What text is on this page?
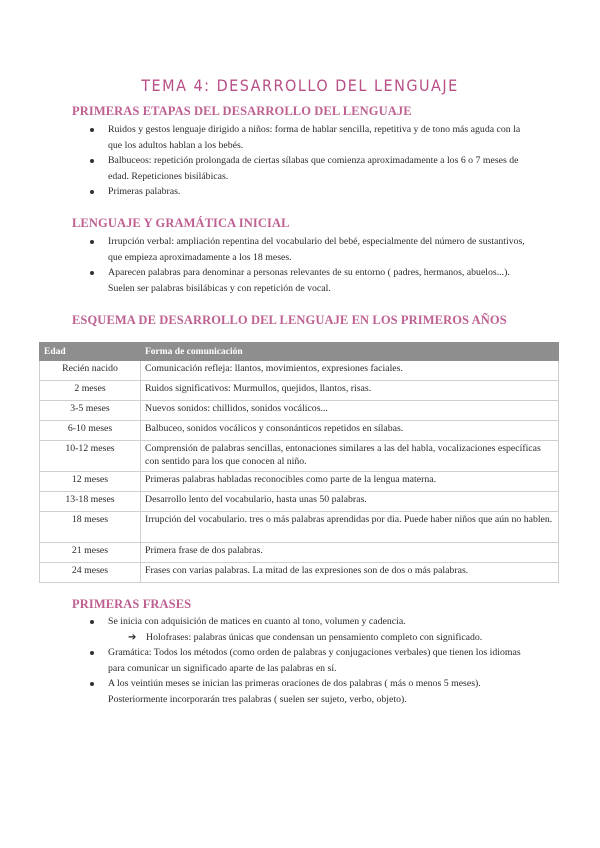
TEMA 4: DESARROLLO DEL LENGUAJE
PRIMERAS ETAPAS DEL DESARROLLO DEL LENGUAJE
Ruidos y gestos lenguaje dirigido a niños: forma de hablar sencilla, repetitiva y de tono más aguda con la que los adultos hablan a los bebés.
Balbuceos: repetición prolongada de ciertas sílabas que comienza aproximadamente a los 6 o 7 meses de edad. Repeticiones bisilábicas.
Primeras palabras.
LENGUAJE Y GRAMÁTICA INICIAL
Irrupción verbal: ampliación repentina del vocabulario del bebé, especialmente del número de sustantivos, que empieza aproximadamente a los 18 meses.
Aparecen palabras para denominar a personas relevantes de su entorno ( padres, hermanos, abuelos...). Suelen ser palabras bisilábicas y con repetición de vocal.
ESQUEMA DE DESARROLLO DEL LENGUAJE EN LOS PRIMEROS AÑOS
Edad	Forma de comunicación
Recién nacido	Comunicación refleja: llantos, movimientos, expresiones faciales.
2 meses	Ruidos significativos: Murmullos, quejidos, llantos, risas.
3-5 meses	Nuevos sonidos: chillidos, sonidos vocálicos...
6-10 meses	Balbuceo, sonidos vocálicos y consonánticos repetidos en sílabas.
10-12 meses	Comprensión de palabras sencillas, entonaciones similares a las del habla, vocalizaciones específicas con sentido para los que conocen al niño.
12 meses	Primeras palabras habladas reconocibles como parte de la lengua materna.
13-18 meses	Desarrollo lento del vocabulario, hasta unas 50 palabras.
18 meses	Irrupción del vocabulario. tres o más palabras aprendidas por dia. Puede haber niños que aún no hablen.
21 meses	Primera frase de dos palabras.
24 meses	Frases con varias palabras. La mitad de las expresiones son de dos o más palabras.
PRIMERAS FRASES
Se inicia con adquisición de matices en cuanto al tono, volumen y cadencia.
➔ Holofrases: palabras únicas que condensan un pensamiento completo con significado.
Gramática: Todos los métodos (como orden de palabras y conjugaciones verbales) que tienen los idiomas para comunicar un significado aparte de las palabras en sí.
A los veintiún meses se inician las primeras oraciones de dos palabras ( más o menos 5 meses). Posteriormente incorporarán tres palabras ( suelen ser sujeto, verbo, objeto).
